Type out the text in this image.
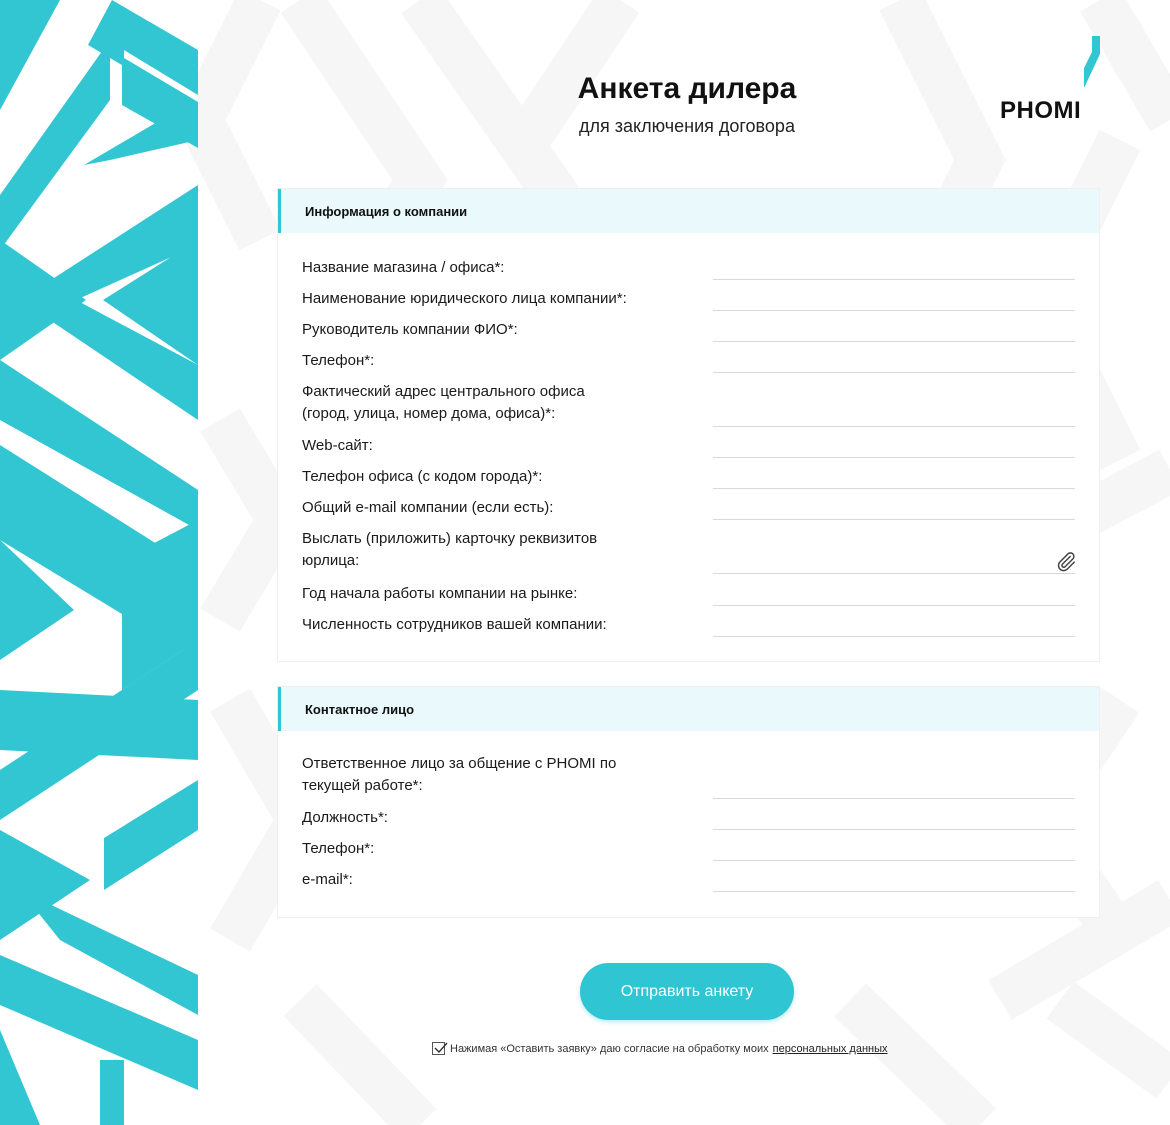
PHOMI
Анкета дилера
для заключения договора
Информация о компании
Название магазина / офиса*:
Наименование юридического лица компании*:
Руководитель компании ФИО*:
Телефон*:
Фактический адрес центрального офиса (город, улица, номер дома, офиса)*:
Web-сайт:
Телефон офиса (с кодом города)*:
Общий e-mail компании (если есть):
Выслать (приложить) карточку реквизитов юрлица:
Год начала работы компании на рынке:
Численность сотрудников вашей компании:
Контактное лицо
Ответственное лицо за общение с PHOMI по текущей работе*:
Должность*:
Телефон*:
e-mail*:
Отправить анкету
Нажимая «Оставить заявку» даю согласие на обработку моих персональных данных
